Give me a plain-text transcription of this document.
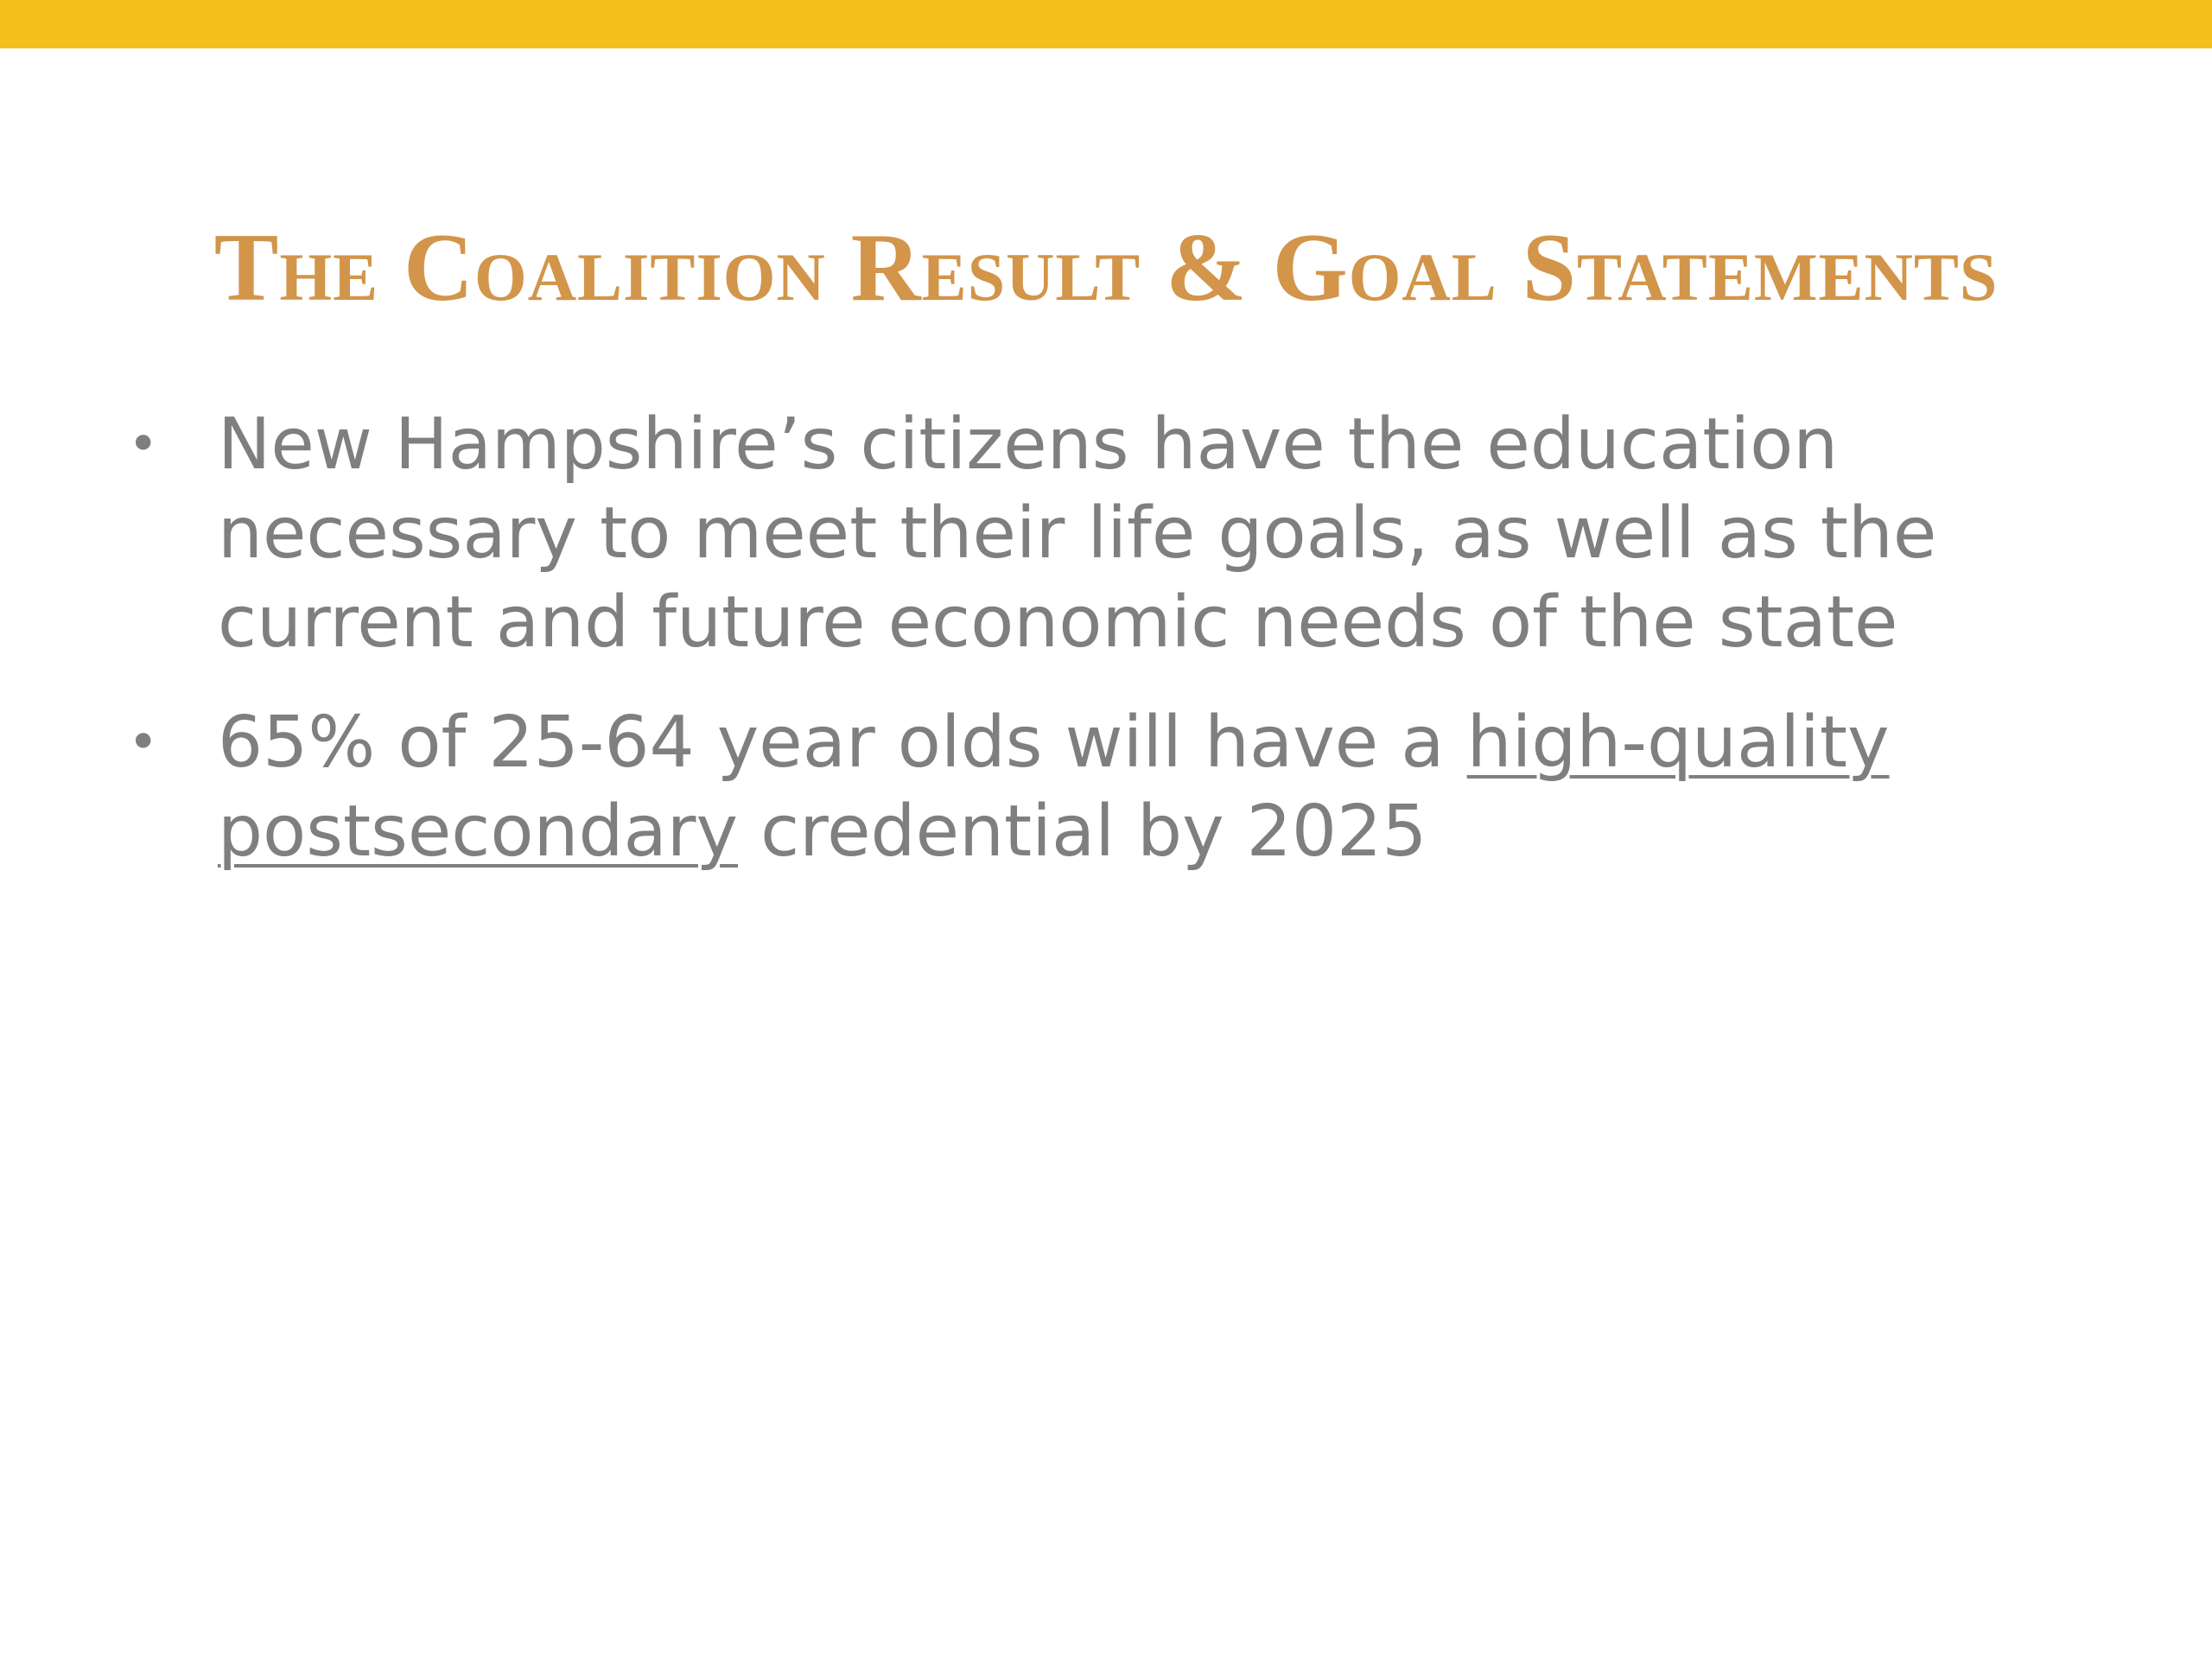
The Coalition Result & Goal Statements
• New Hampshire’s citizens have the education necessary to meet their life goals, as well as the current and future economic needs of the state
• 65% of 25-64 year olds will have a high-quality postsecondary credential by 2025
